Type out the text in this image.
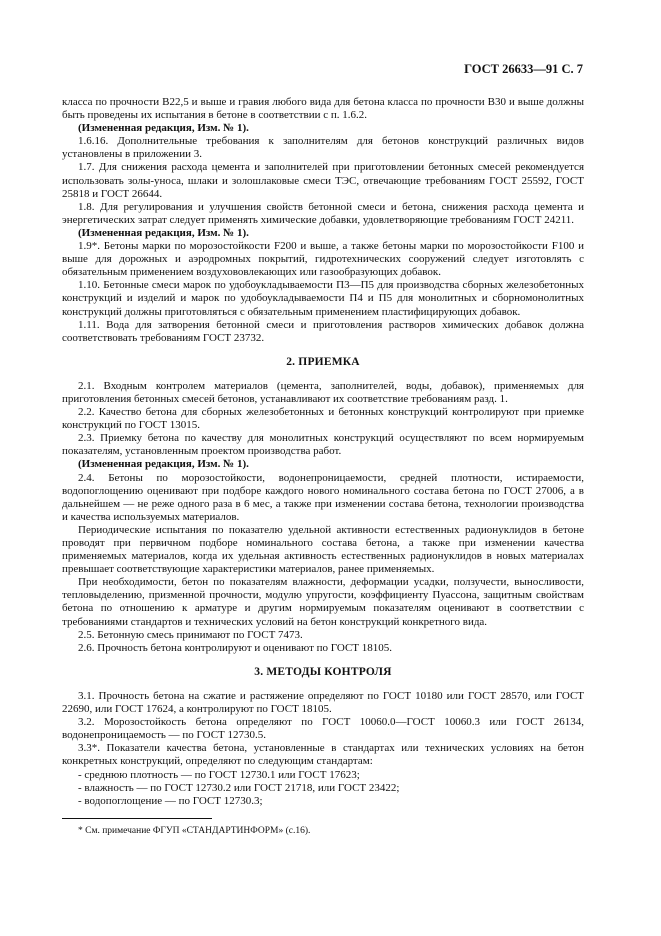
ГОСТ 26633—91 С. 7

класса по прочности В22,5 и выше и гравия любого вида для бетона класса по прочности В30 и выше должны быть проведены их испытания в бетоне в соответствии с п. 1.6.2.

(Измененная редакция, Изм. № 1).

1.6.16. Дополнительные требования к заполнителям для бетонов конструкций различных видов установлены в приложении 3.

1.7. Для снижения расхода цемента и заполнителей при приготовлении бетонных смесей рекомендуется использовать золы-уноса, шлаки и золошлаковые смеси ТЭС, отвечающие требованиям ГОСТ 25592, ГОСТ 25818 и ГОСТ 26644.

1.8. Для регулирования и улучшения свойств бетонной смеси и бетона, снижения расхода цемента и энергетических затрат следует применять химические добавки, удовлетворяющие требованиям ГОСТ 24211.

(Измененная редакция, Изм. № 1).

1.9*. Бетоны марки по морозостойкости F200 и выше, а также бетоны марки по морозостойкости F100 и выше для дорожных и аэродромных покрытий, гидротехнических сооружений следует изготовлять с обязательным применением воздухововлекающих или газообразующих добавок.

1.10. Бетонные смеси марок по удобоукладываемости П3—П5 для производства сборных железобетонных конструкций и изделий и марок по удобоукладываемости П4 и П5 для монолитных и сборномонолитных конструкций должны приготовляться с обязательным применением пластифицирующих добавок.

1.11. Вода для затворения бетонной смеси и приготовления растворов химических добавок должна соответствовать требованиям ГОСТ 23732.

2. ПРИЕМКА

2.1. Входным контролем материалов (цемента, заполнителей, воды, добавок), применяемых для приготовления бетонных смесей бетонов, устанавливают их соответствие требованиям разд. 1.

2.2. Качество бетона для сборных железобетонных и бетонных конструкций контролируют при приемке конструкций по ГОСТ 13015.

2.3. Приемку бетона по качеству для монолитных конструкций осуществляют по всем нормируемым показателям, установленным проектом производства работ.

(Измененная редакция, Изм. № 1).

2.4. Бетоны по морозостойкости, водонепроницаемости, средней плотности, истираемости, водопоглощению оценивают при подборе каждого нового номинального состава бетона по ГОСТ 27006, а в дальнейшем — не реже одного раза в 6 мес, а также при изменении состава бетона, технологии производства и качества используемых материалов.

Периодические испытания по показателю удельной активности естественных радионуклидов в бетоне проводят при первичном подборе номинального состава бетона, а также при изменении качества применяемых материалов, когда их удельная активность естественных радионуклидов в новых материалах превышает соответствующие характеристики материалов, ранее применяемых.

При необходимости, бетон по показателям влажности, деформации усадки, ползучести, выносливости, тепловыделению, призменной прочности, модулю упругости, коэффициенту Пуассона, защитным свойствам бетона по отношению к арматуре и другим нормируемым показателям оценивают в соответствии с требованиями стандартов и технических условий на бетон конструкций конкретного вида.

2.5. Бетонную смесь принимают по ГОСТ 7473.

2.6. Прочность бетона контролируют и оценивают по ГОСТ 18105.

3. МЕТОДЫ КОНТРОЛЯ

3.1. Прочность бетона на сжатие и растяжение определяют по ГОСТ 10180 или ГОСТ 28570, или ГОСТ 22690, или ГОСТ 17624, а контролируют по ГОСТ 18105.

3.2. Морозостойкость бетона определяют по ГОСТ 10060.0—ГОСТ 10060.3 или ГОСТ 26134, водонепроницаемость — по ГОСТ 12730.5.

3.3*. Показатели качества бетона, установленные в стандартах или технических условиях на бетон конкретных конструкций, определяют по следующим стандартам:

- среднюю плотность — по ГОСТ 12730.1 или ГОСТ 17623;
- влажность — по ГОСТ 12730.2 или ГОСТ 21718, или ГОСТ 23422;
- водопоглощение — по ГОСТ 12730.3;
* См. примечание ФГУП «СТАНДАРТИНФОРМ» (с.16).
